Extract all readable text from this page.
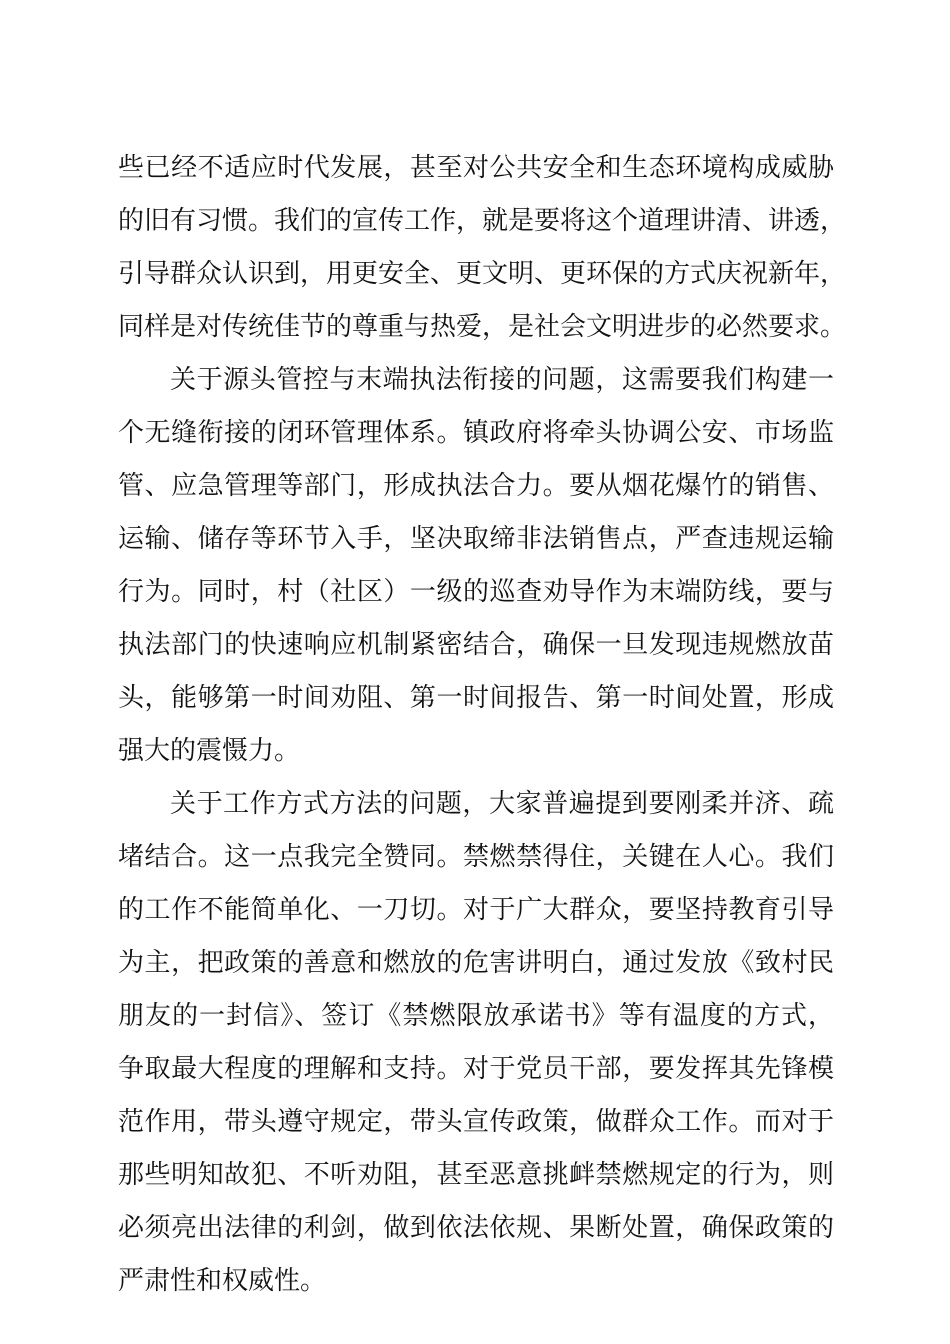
些已经不适应时代发展，甚至对公共安全和生态环境构成威胁
的旧有习惯。我们的宣传工作，就是要将这个道理讲清、讲透，
引导群众认识到，用更安全、更文明、更环保的方式庆祝新年，
同样是对传统佳节的尊重与热爱，是社会文明进步的必然要求。
关于源头管控与末端执法衔接的问题，这需要我们构建一
个无缝衔接的闭环管理体系。镇政府将牵头协调公安、市场监
管、应急管理等部门，形成执法合力。要从烟花爆竹的销售、
运输、储存等环节入手，坚决取缔非法销售点，严查违规运输
行为。同时，村（社区）一级的巡查劝导作为末端防线，要与
执法部门的快速响应机制紧密结合，确保一旦发现违规燃放苗
头，能够第一时间劝阻、第一时间报告、第一时间处置，形成
强大的震慑力。
关于工作方式方法的问题，大家普遍提到要刚柔并济、疏
堵结合。这一点我完全赞同。禁燃禁得住，关键在人心。我们
的工作不能简单化、一刀切。对于广大群众，要坚持教育引导
为主，把政策的善意和燃放的危害讲明白，通过发放《致村民
朋友的一封信》、签订《禁燃限放承诺书》等有温度的方式，
争取最大程度的理解和支持。对于党员干部，要发挥其先锋模
范作用，带头遵守规定，带头宣传政策，做群众工作。而对于
那些明知故犯、不听劝阻，甚至恶意挑衅禁燃规定的行为，则
必须亮出法律的利剑，做到依法依规、果断处置，确保政策的
严肃性和权威性。
